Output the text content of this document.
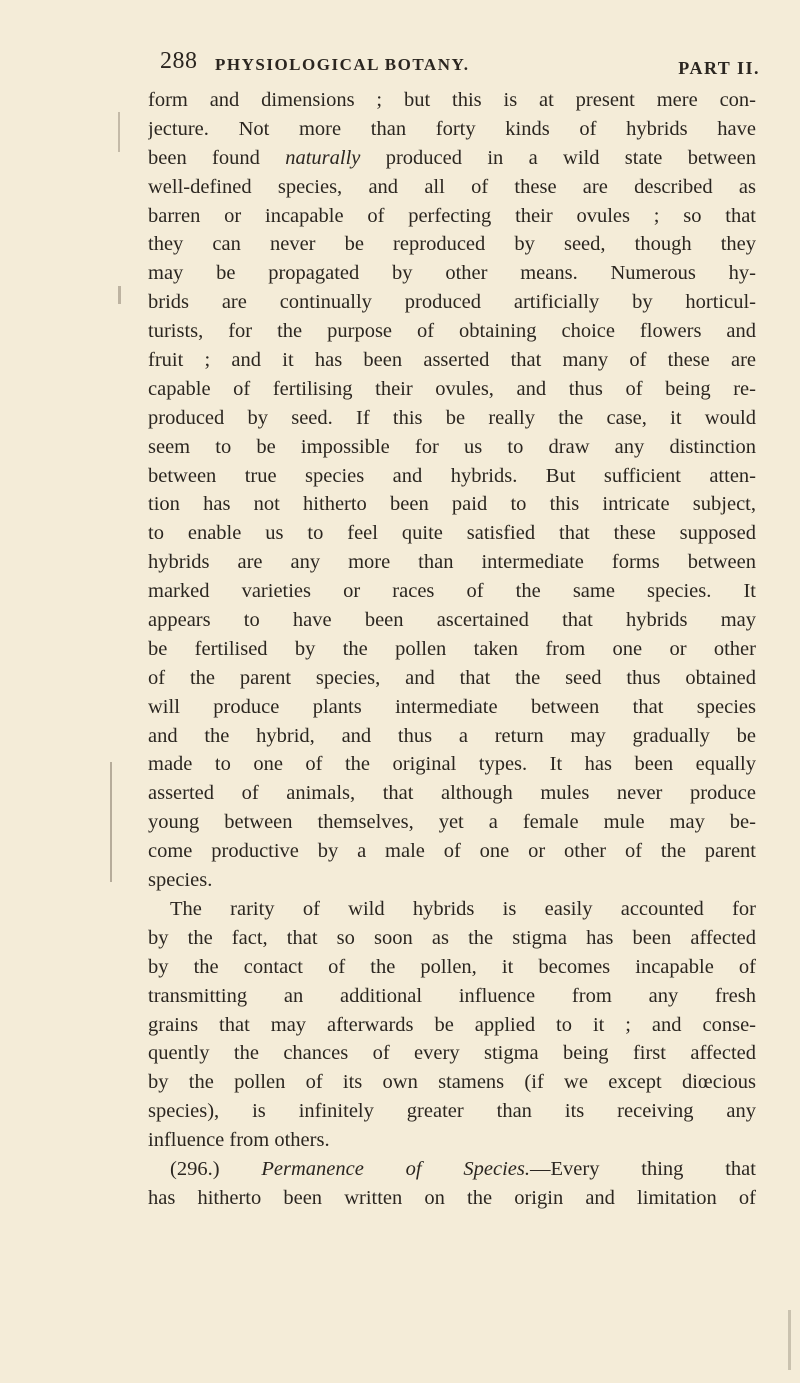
288 PHYSIOLOGICAL BOTANY.	PART II.
form and dimensions ; but this is at present mere con-
jecture. Not more than forty kinds of hybrids have
been found naturally produced in a wild state between
well-defined species, and all of these are described as
barren or incapable of perfecting their ovules ; so that
they can never be reproduced by seed, though they
may be propagated by other means. Numerous hy-
brids are continually produced artificially by horticul-
turists, for the purpose of obtaining choice flowers and
fruit ; and it has been asserted that many of these are
capable of fertilising their ovules, and thus of being re-
produced by seed. If this be really the case, it would
seem to be impossible for us to draw any distinction
between true species and hybrids. But sufficient atten-
tion has not hitherto been paid to this intricate subject,
to enable us to feel quite satisfied that these supposed
hybrids are any more than intermediate forms between
marked varieties or races of the same species. It
appears to have been ascertained that hybrids may
be fertilised by the pollen taken from one or other
of the parent species, and that the seed thus obtained
will produce plants intermediate between that species
and the hybrid, and thus a return may gradually be
made to one of the original types. It has been equally
asserted of animals, that although mules never produce
young between themselves, yet a female mule may be-
come productive by a male of one or other of the parent
species.
The rarity of wild hybrids is easily accounted for
by the fact, that so soon as the stigma has been affected
by the contact of the pollen, it becomes incapable of
transmitting an additional influence from any fresh
grains that may afterwards be applied to it ; and conse-
quently the chances of every stigma being first affected
by the pollen of its own stamens (if we except diœcious
species), is infinitely greater than its receiving any
influence from others.
(296.) Permanence of Species.—Every thing that
has hitherto been written on the origin and limitation of
